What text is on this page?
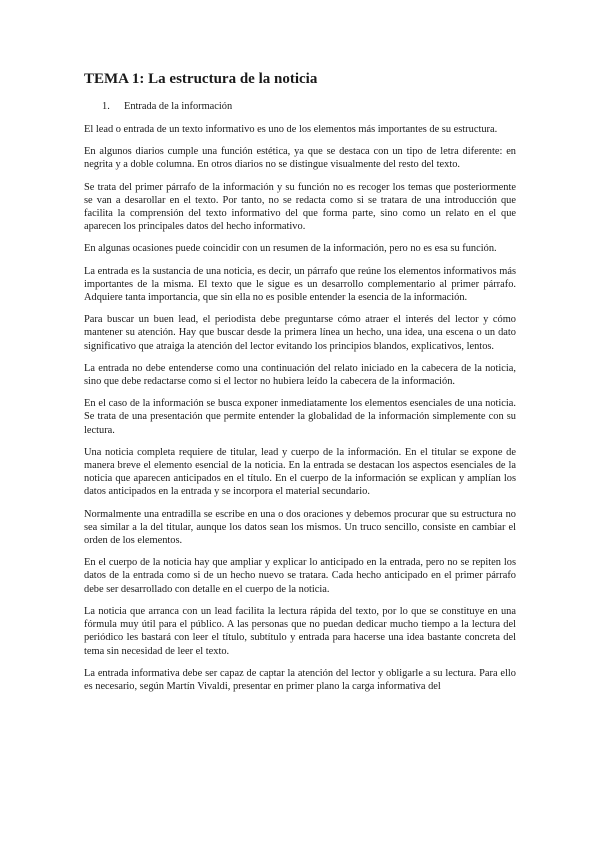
TEMA 1: La estructura de la noticia
1.	Entrada de la información

El lead o entrada de un texto informativo es uno de los elementos más importantes de su estructura.

En algunos diarios cumple una función estética, ya que se destaca con un tipo de letra diferente: en negrita y a doble columna. En otros diarios no se distingue visualmente del resto del texto.

Se trata del primer párrafo de la información y su función no es recoger los temas que posteriormente se van a desarollar en el texto. Por tanto, no se redacta como si se tratara de una introducción que facilita la comprensión del texto informativo del que forma parte, sino como un relato en el que aparecen los principales datos del hecho informativo.

En algunas ocasiones puede coincidir con un resumen de la información, pero no es esa su función.

La entrada es la sustancia de una noticia, es decir, un párrafo que reúne los elementos informativos más importantes de la misma. El texto que le sigue es un desarrollo complementario al primer párrafo. Adquiere tanta importancia, que sin ella no es posible entender la esencia de la información.

Para buscar un buen lead, el periodista debe preguntarse cómo atraer el interés del lector y cómo mantener su atención. Hay que buscar desde la primera línea un hecho, una idea, una escena o un dato significativo que atraiga la atención del lector evitando los principios blandos, explicativos, lentos.

La entrada no debe entenderse como una continuación del relato iniciado en la cabecera de la noticia, sino que debe redactarse como si el lector no hubiera leído la cabecera de la información.

En el caso de la información se busca exponer inmediatamente los elementos esenciales de una noticia. Se trata de una presentación que permite entender la globalidad de la información simplemente con su lectura.

Una noticia completa requiere de titular, lead y cuerpo de la información. En el titular se expone de manera breve el elemento esencial de la noticia. En la entrada se destacan los aspectos esenciales de la noticia que aparecen anticipados en el título. En el cuerpo de la información se explican y amplían los datos anticipados en la entrada y se incorpora el material secundario.

Normalmente una entradilla se escribe en una o dos oraciones y debemos procurar que su estructura no sea similar a la del titular, aunque los datos sean los mismos. Un truco sencillo, consiste en cambiar el orden de los elementos.

En el cuerpo de la noticia hay que ampliar y explicar lo anticipado en la entrada, pero no se repiten los datos de la entrada como si de un hecho nuevo se tratara. Cada hecho anticipado en el primer párrafo debe ser desarrollado con detalle en el cuerpo de la noticia.

La noticia que arranca con un lead facilita la lectura rápida del texto, por lo que se constituye en una fórmula muy útil para el público. A las personas que no puedan dedicar mucho tiempo a la lectura del periódico les bastará con leer el título, subtítulo y entrada para hacerse una idea bastante concreta del tema sin necesidad de leer el texto.

La entrada informativa debe ser capaz de captar la atención del lector y obligarle a su lectura. Para ello es necesario, según Martín Vivaldi, presentar en primer plano la carga informativa del
